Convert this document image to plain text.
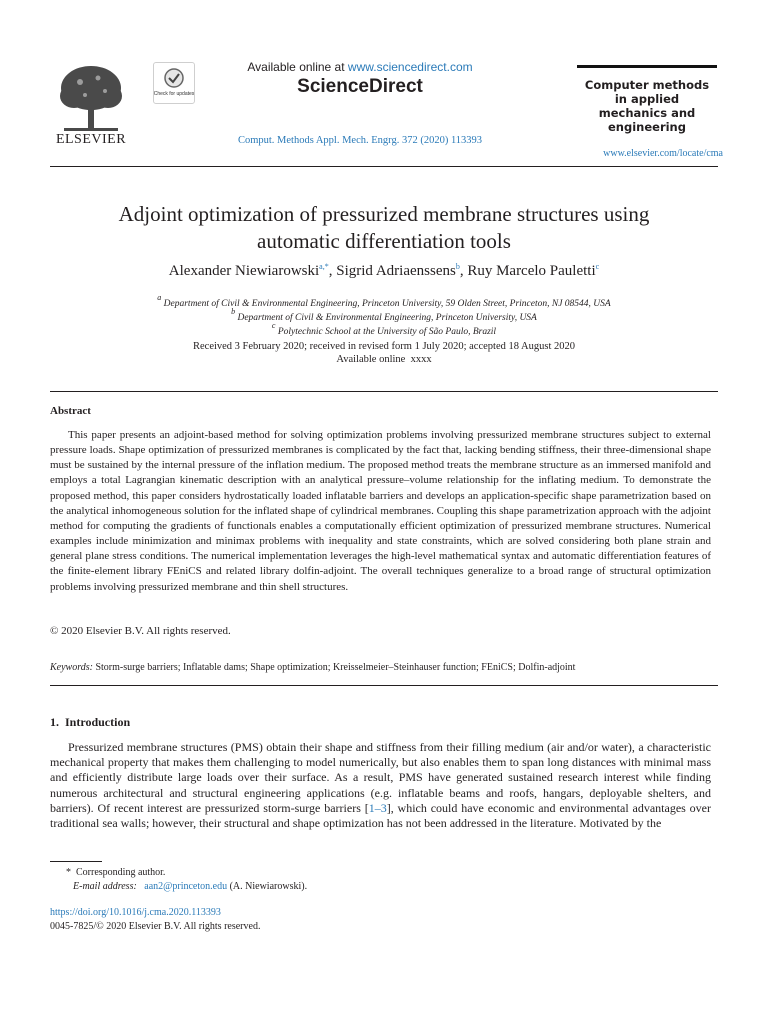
ELSEVIER
Check for updates
Available online at www.sciencedirect.com
ScienceDirect
Comput. Methods Appl. Mech. Engrg. 372 (2020) 113393
Computer methods
in applied
mechanics and
engineering
www.elsevier.com/locate/cma
Adjoint optimization of pressurized membrane structures using
automatic differentiation tools
Alexander Niewiarowski$^{a,*}$, Sigrid Adriaenssens$^b$, Ruy Marcelo Pauletti$^c$
$^a$ Department of Civil & Environmental Engineering, Princeton University, 59 Olden Street, Princeton, NJ 08544, USA
$^b$ Department of Civil & Environmental Engineering, Princeton University, USA
$^c$ Polytechnic School at the University of São Paulo, Brazil
Received 3 February 2020; received in revised form 1 July 2020; accepted 18 August 2020
Available online  xxxx
Abstract

This paper presents an adjoint-based method for solving optimization problems involving pressurized membrane structures subject to external pressure loads. Shape optimization of pressurized membranes is complicated by the fact that, lacking bending stiffness, their three-dimensional shape must be sustained by the internal pressure of the inflation medium. The proposed method treats the membrane structure as an immersed manifold and employs a total Lagrangian kinematic description with an analytical pressure–volume relationship for the inflating medium. To demonstrate the proposed method, this paper considers hydrostatically loaded inflatable barriers and develops an application-specific shape parametrization based on the analytical inhomogeneous solution for the inflated shape of cylindrical membranes. Coupling this shape parametrization approach with the adjoint method for computing the gradients of functionals enables a computationally efficient optimization of pressurized membrane structures. Numerical examples include minimization and minimax problems with inequality and state constraints, which are solved considering both plane strain and general plane stress conditions. The numerical implementation leverages the high-level mathematical syntax and automatic differentiation features of the finite-element library FEniCS and related library dolfin-adjoint. The overall techniques generalize to a broad range of structural optimization problems involving pressurized membrane and thin shell structures.

© 2020 Elsevier B.V. All rights reserved.
Keywords: Storm-surge barriers; Inflatable dams; Shape optimization; Kreisselmeier–Steinhauser function; FEniCS; Dolfin-adjoint
1.  Introduction

Pressurized membrane structures (PMS) obtain their shape and stiffness from their filling medium (air and/or water), a characteristic mechanical property that makes them challenging to model numerically, but also enables them to span long distances with minimal mass and efficiently distribute large loads over their surface. As a result, PMS have generated sustained research interest while finding numerous architectural and structural engineering applications (e.g. inflatable beams and roofs, hangars, deployable shelters, and barriers). Of recent interest are pressurized storm-surge barriers [1–3], which could have economic and environmental advantages over traditional sea walls; however, their structural and shape optimization has not been addressed in the literature. Motivated by the

* Corresponding author.
E-mail address: aan2@princeton.edu (A. Niewiarowski).
https://doi.org/10.1016/j.cma.2020.113393
0045-7825/© 2020 Elsevier B.V. All rights reserved.
